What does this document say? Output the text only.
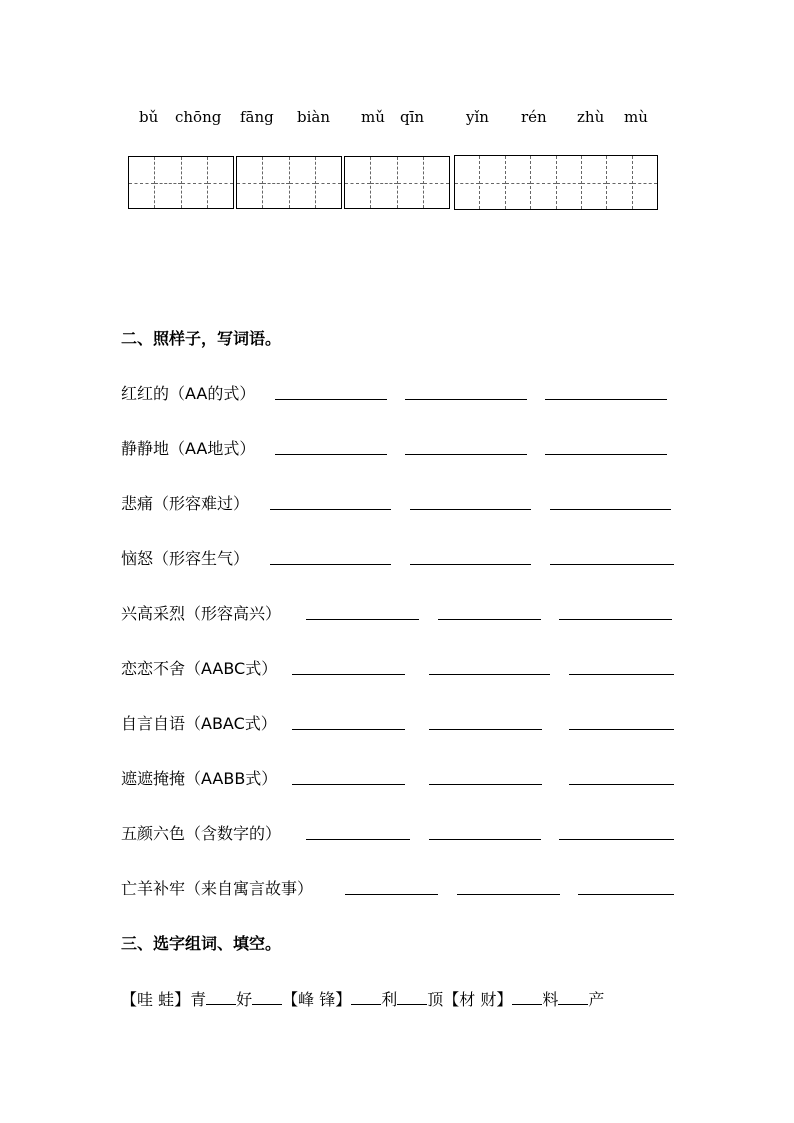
bǔ chōng fāng biàn mǔ qīn	yǐn rén zhù mù
二、照样子，写词语。
红红的（AA的式）
静静地（AA地式）
悲痛（形容难过）
恼怒（形容生气）
兴高采烈（形容高兴）
恋恋不舍（AABC式）
自言自语（ABAC式）
遮遮掩掩（AABB式）
五颜六色（含数字的）
亡羊补牢（来自寓言故事）
三、选字组词、填空。
【哇 蛙】青 好 【峰 锋】 利 顶【材 财】 料 产
